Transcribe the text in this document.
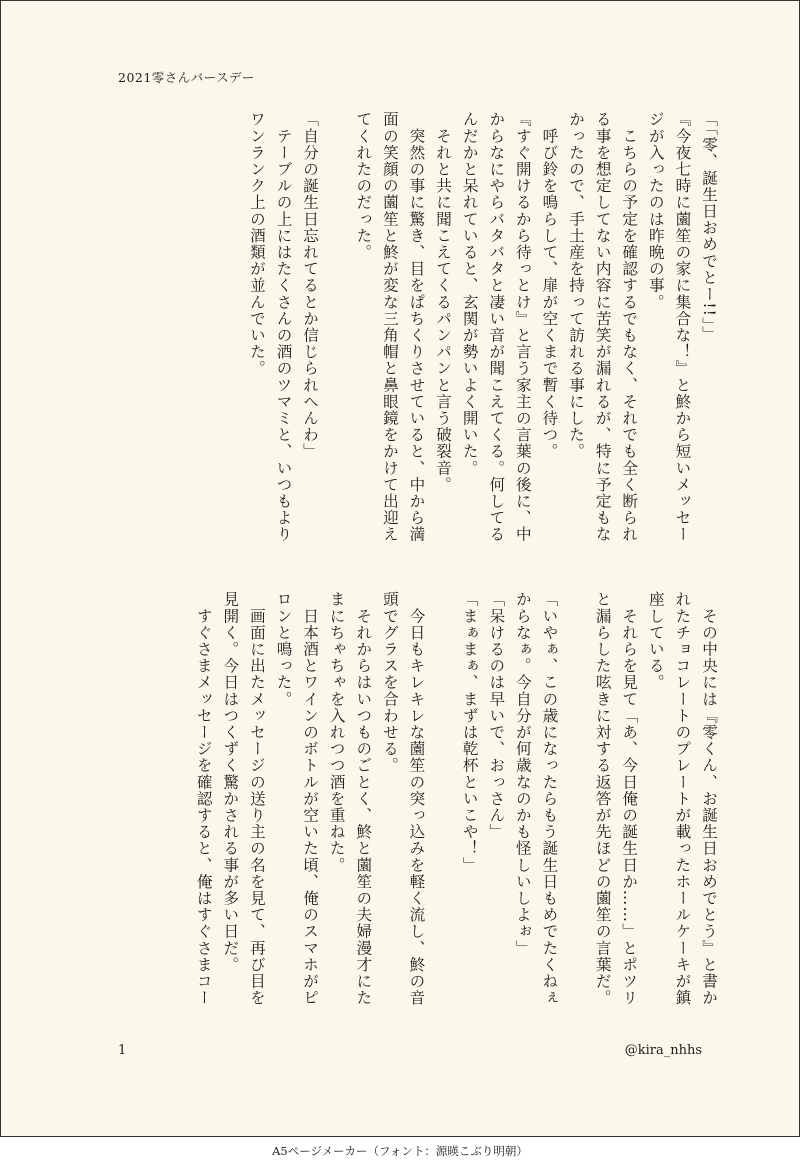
2021零さんバースデー

「「零、誕生日おめでとー!!」」

『今夜七時に薗笙の家に集合な！』と鮗から短いメッセージが入ったのは昨晩の事。

　こちらの予定を確認するでもなく、それでも全く断られる事を想定してない内容に苦笑が漏れるが、特に予定もなかったので、手土産を持って訪れる事にした。

　呼び鈴を鳴らして、扉が空くまで暫く待つ。

『すぐ開けるから待っとけ』と言う家主の言葉の後に、中からなにやらバタバタと凄い音が聞こえてくる。何してるんだかと呆れていると、玄関が勢いよく開いた。

　それと共に聞こえてくるパンパンと言う破裂音。

　突然の事に驚き、目をぱちくりさせていると、中から満面の笑顔の薗笙と鮗が変な三角帽と鼻眼鏡をかけて出迎えてくれたのだった。

「自分の誕生日忘れてるとか信じられへんわ」

　テーブルの上にはたくさんの酒のツマミと、いつもよりワンランク上の酒類が並んでいた。

　その中央には『零くん、お誕生日おめでとう』と書かれたチョコレートのプレートが載ったホールケーキが鎮座している。

　それらを見て「あ、今日俺の誕生日か……」とポツリと漏らした呟きに対する返答が先ほどの薗笙の言葉だ。

「いやぁ、この歳になったらもう誕生日もめでたくねぇからなぁ。今自分が何歳なのかも怪しいしよぉ」

「呆けるのは早いで、おっさん」

「まぁまぁ、まずは乾杯といこや！」

　今日もキレキレな薗笙の突っ込みを軽く流し、鮗の音頭でグラスを合わせる。

　それからはいつものごとく、鮗と薗笙の夫婦漫才にたまにちゃちゃを入れつつ酒を重ねた。

　日本酒とワインのボトルが空いた頃、俺のスマホがピロンと鳴った。

　画面に出たメッセージの送り主の名を見て、再び目を見開く。今日はつくずく驚かされる事が多い日だ。

　すぐさまメッセージを確認すると、俺はすぐさまコー

1	@kira_nhhs
A5ページメーカー（フォント：源暎こぶり明朝）
